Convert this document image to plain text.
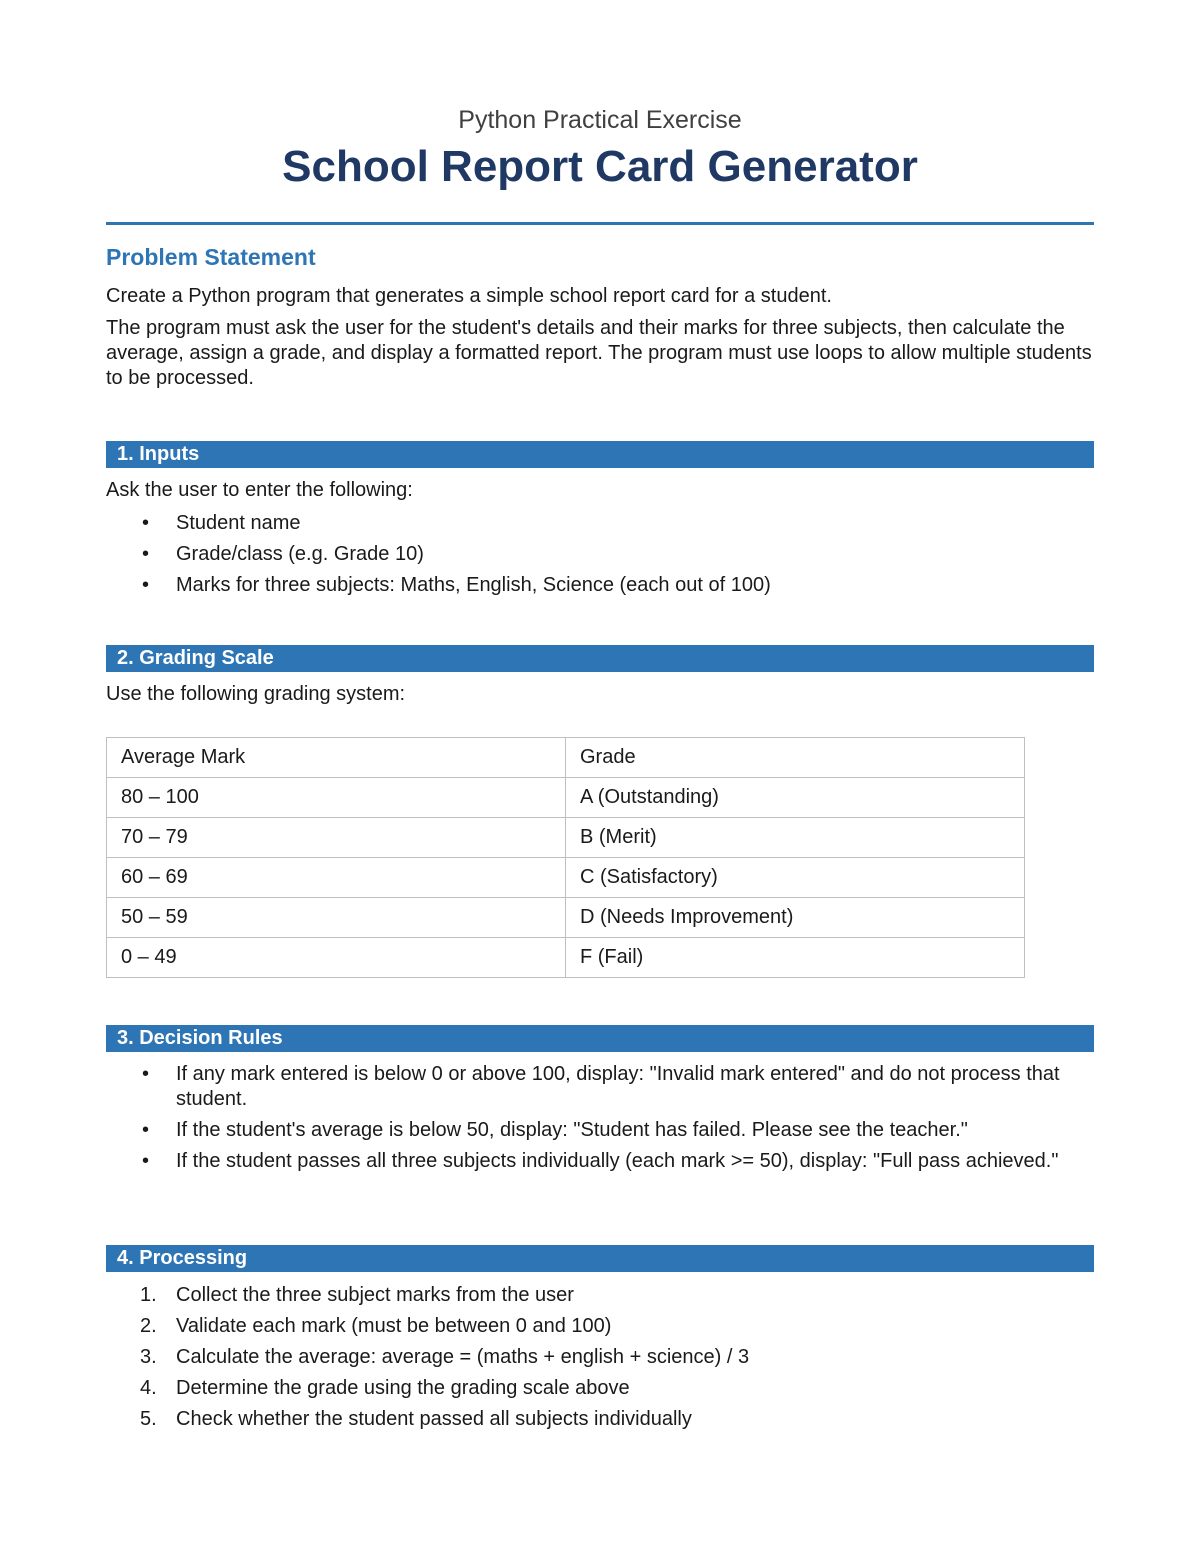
Python Practical Exercise
School Report Card Generator
Problem Statement
Create a Python program that generates a simple school report card for a student.
The program must ask the user for the student's details and their marks for three subjects, then calculate the average, assign a grade, and display a formatted report. The program must use loops to allow multiple students to be processed.
1. Inputs
Ask the user to enter the following:
• Student name
• Grade/class (e.g. Grade 10)
• Marks for three subjects: Maths, English, Science (each out of 100)
2. Grading Scale
Use the following grading system:
Average Mark	Grade
80 – 100	A (Outstanding)
70 – 79	B (Merit)
60 – 69	C (Satisfactory)
50 – 59	D (Needs Improvement)
0 – 49	F (Fail)
3. Decision Rules
• If any mark entered is below 0 or above 100, display: "Invalid mark entered" and do not process that student.
• If the student's average is below 50, display: "Student has failed. Please see the teacher."
• If the student passes all three subjects individually (each mark >= 50), display: "Full pass achieved."
4. Processing
1. Collect the three subject marks from the user
2. Validate each mark (must be between 0 and 100)
3. Calculate the average: average = (maths + english + science) / 3
4. Determine the grade using the grading scale above
5. Check whether the student passed all subjects individually
